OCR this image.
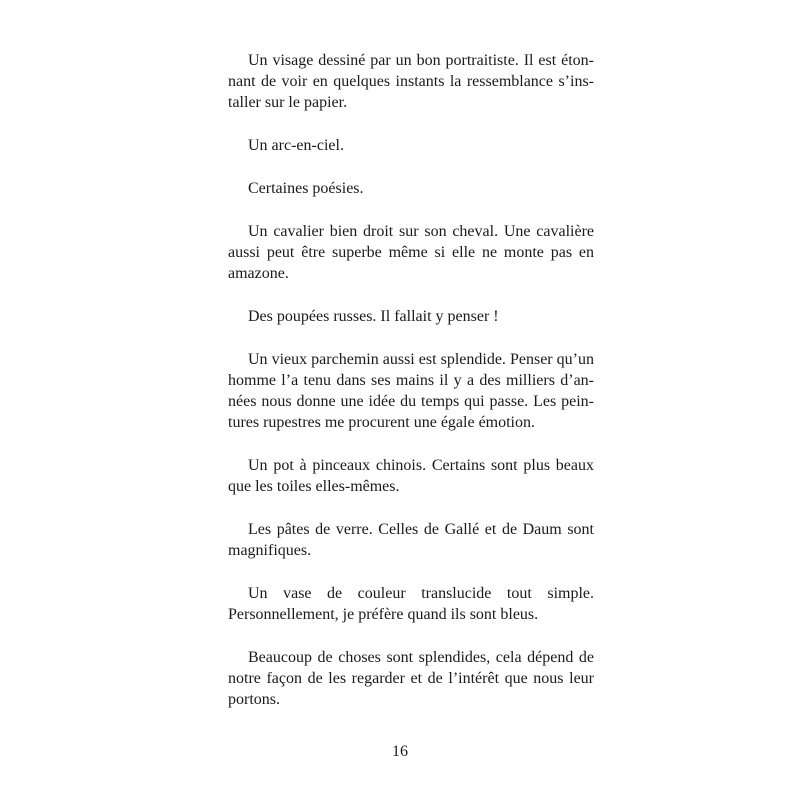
Un visage dessiné par un bon portraitiste. Il est éton-
nant de voir en quelques instants la ressemblance s’ins-
taller sur le papier.

Un arc-en-ciel.

Certaines poésies.

Un cavalier bien droit sur son cheval. Une cavalière
aussi peut être superbe même si elle ne monte pas en
amazone.

Des poupées russes. Il fallait y penser !

Un vieux parchemin aussi est splendide. Penser qu’un
homme l’a tenu dans ses mains il y a des milliers d’an-
nées nous donne une idée du temps qui passe. Les pein-
tures rupestres me procurent une égale émotion.

Un pot à pinceaux chinois. Certains sont plus beaux
que les toiles elles-mêmes.

Les pâtes de verre. Celles de Gallé et de Daum sont
magnifiques.

Un vase de couleur translucide tout simple.
Personnellement, je préfère quand ils sont bleus.

Beaucoup de choses sont splendides, cela dépend de
notre façon de les regarder et de l’intérêt que nous leur
portons.

16
